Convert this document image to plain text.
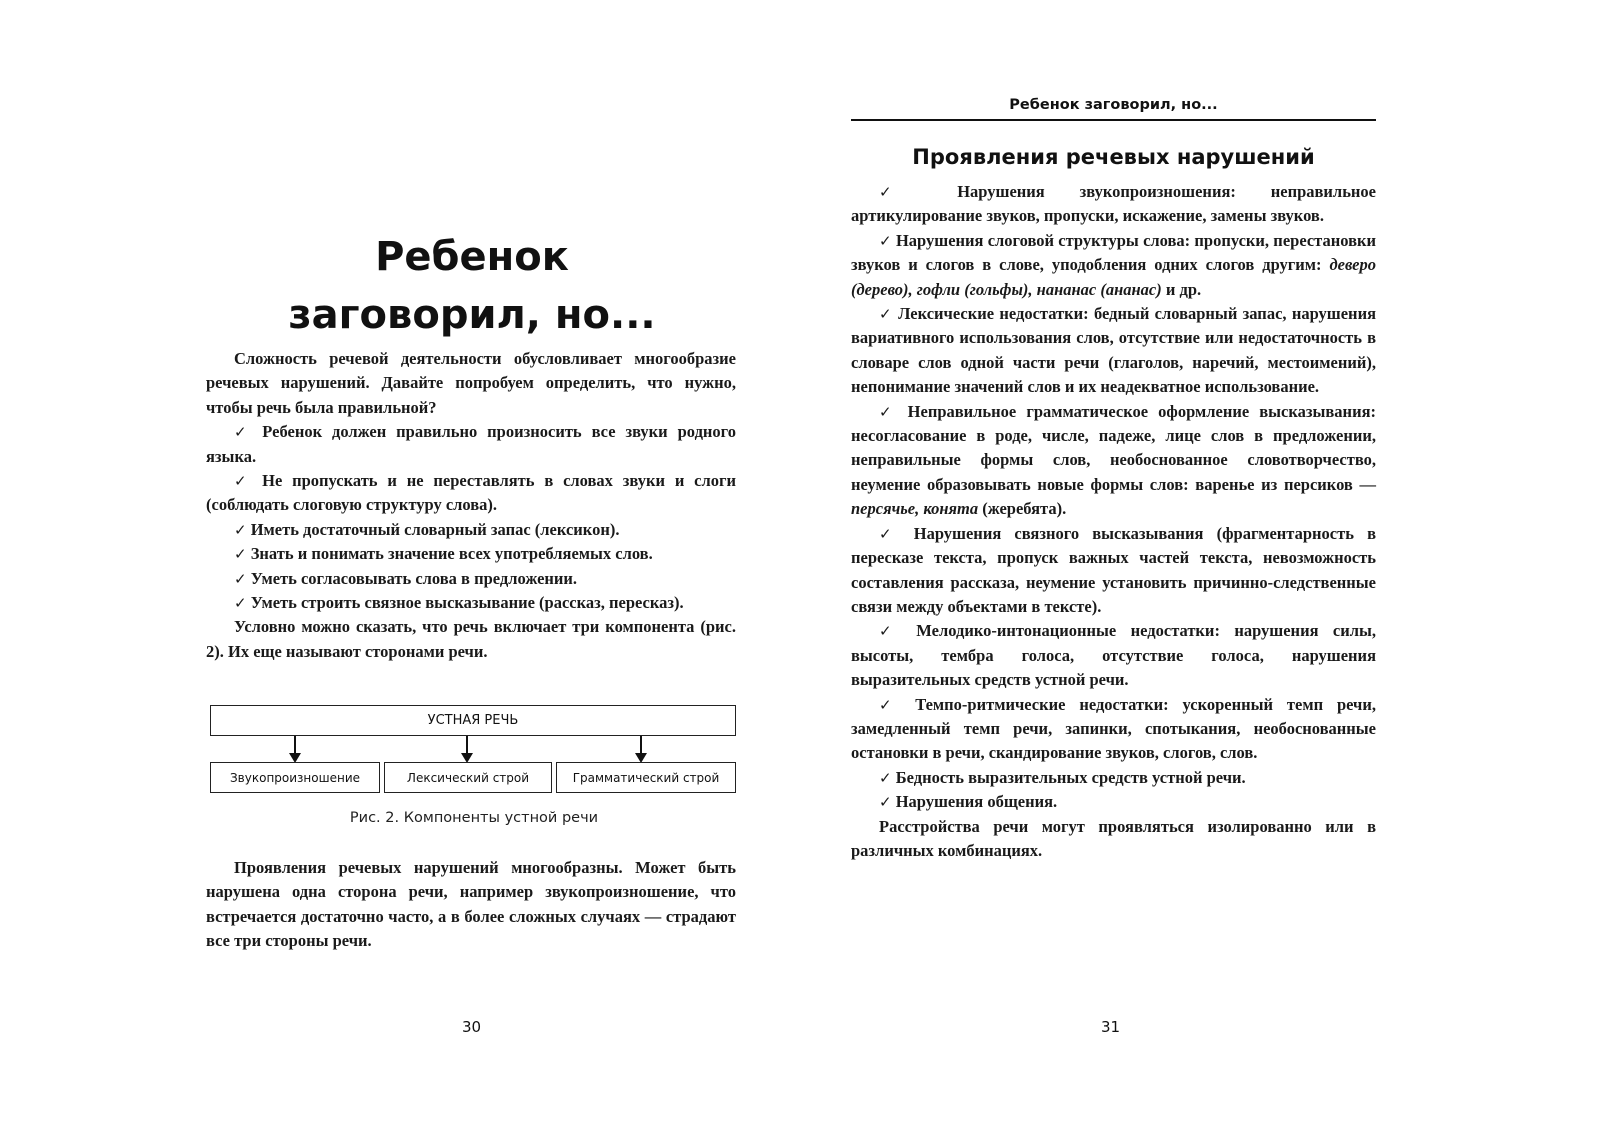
Ребенок
заговорил, но...

Сложность речевой деятельности обусловливает многообразие речевых нарушений. Давайте попробуем определить, что нужно, чтобы речь была правильной?

✓ Ребенок должен правильно произносить все звуки родного языка.

✓ Не пропускать и не переставлять в словах звуки и слоги (соблюдать слоговую структуру слова).

✓ Иметь достаточный словарный запас (лексикон).

✓ Знать и понимать значение всех употребляемых слов.

✓ Уметь согласовывать слова в предложении.

✓ Уметь строить связное высказывание (рассказ, пересказ).

Условно можно сказать, что речь включает три компонента (рис. 2). Их еще называют сторонами речи.

УСТНАЯ РЕЧЬ
Звукопроизношение	Лексический строй	Грамматический строй
Рис. 2. Компоненты устной речи

Проявления речевых нарушений многообразны. Может быть нарушена одна сторона речи, например звукопроизношение, что встречается достаточно часто, а в более сложных случаях — страдают все три стороны речи.

30
Ребенок заговорил, но...
Проявления речевых нарушений

✓ Нарушения звукопроизношения: неправильное артикулирование звуков, пропуски, искажение, замены звуков.

✓ Нарушения слоговой структуры слова: пропуски, перестановки звуков и слогов в слове, уподобления одних слогов другим: деверо (дерево), гофли (гольфы), нананас (ананас) и др.

✓ Лексические недостатки: бедный словарный запас, нарушения вариативного использования слов, отсутствие или недостаточность в словаре слов одной части речи (глаголов, наречий, местоимений), непонимание значений слов и их неадекватное использование.

✓ Неправильное грамматическое оформление высказывания: несогласование в роде, числе, падеже, лице слов в предложении, неправильные формы слов, необоснованное словотворчество, неумение образовывать новые формы слов: варенье из персиков — персячье, конята (жеребята).

✓ Нарушения связного высказывания (фрагментарность в пересказе текста, пропуск важных частей текста, невозможность составления рассказа, неумение установить причинно-следственные связи между объектами в тексте).

✓ Мелодико-интонационные недостатки: нарушения силы, высоты, тембра голоса, отсутствие голоса, нарушения выразительных средств устной речи.

✓ Темпо-ритмические недостатки: ускоренный темп речи, замедленный темп речи, запинки, спотыкания, необоснованные остановки в речи, скандирование звуков, слогов, слов.

✓ Бедность выразительных средств устной речи.

✓ Нарушения общения.

Расстройства речи могут проявляться изолированно или в различных комбинациях.

31
